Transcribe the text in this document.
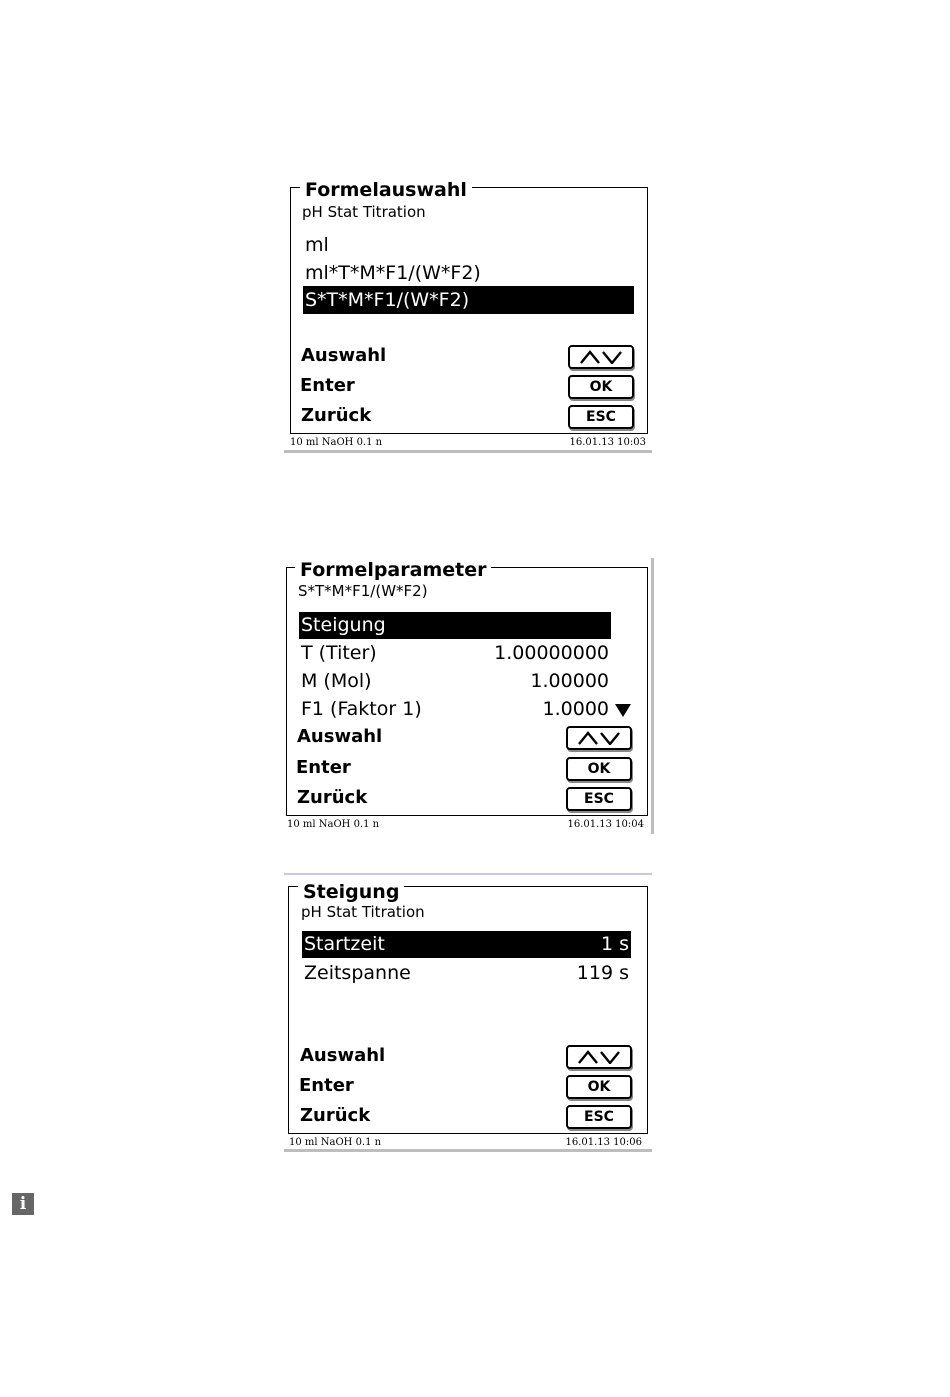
Formelauswahl
pH Stat Titration
ml
ml*T*M*F1/(W*F2)
S*T*M*F1/(W*F2)
Auswahl
Enter	OK
Zurück	ESC
10 ml NaOH 0.1 n	16.01.13 10:03
Formelparameter
S*T*M*F1/(W*F2)
Steigung
T (Titer)	1.00000000
M (Mol)	1.00000
F1 (Faktor 1)	1.0000
Auswahl
Enter	OK
Zurück	ESC
10 ml NaOH 0.1 n	16.01.13 10:04
Steigung
pH Stat Titration
Startzeit	1 s
Zeitspanne	119 s
Auswahl
Enter	OK
Zurück	ESC
10 ml NaOH 0.1 n	16.01.13 10:06
i
